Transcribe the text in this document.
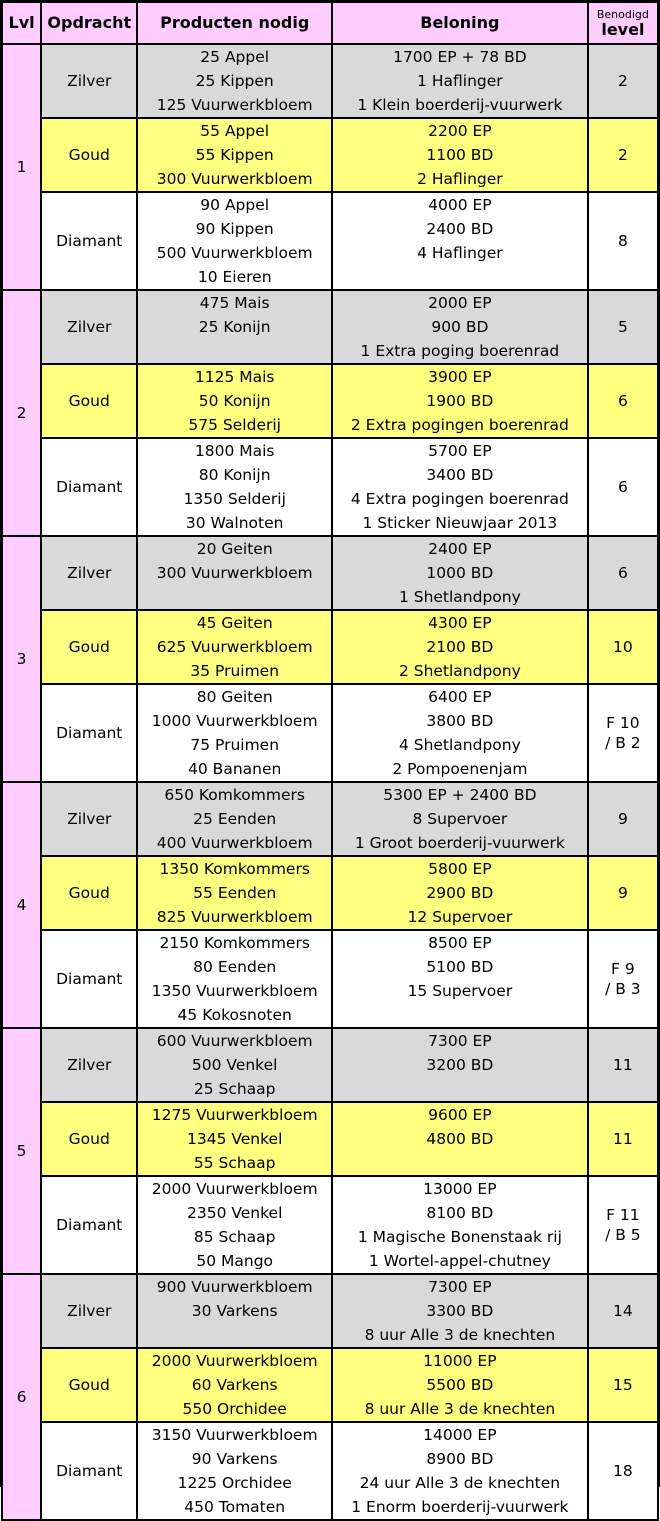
Lvl	Opdracht	Producten nodig	Beloning	Benodigd
level

1	Zilver	25 Appel
25 Kippen
125 Vuurwerkbloem	1700 EP + 78 BD
1 Haflinger
1 Klein boerderij-vuurwerk	2

	Goud	55 Appel
55 Kippen
300 Vuurwerkbloem	2200 EP
1100 BD
2 Haflinger	2

	Diamant	90 Appel
90 Kippen
500 Vuurwerkbloem
10 Eieren	4000 EP
2400 BD
4 Haflinger	8

2	Zilver	475 Mais
25 Konijn	2000 EP
900 BD
1 Extra poging boerenrad	5

	Goud	1125 Mais
50 Konijn
575 Selderij	3900 EP
1900 BD
2 Extra pogingen boerenrad	6

	Diamant	1800 Mais
80 Konijn
1350 Selderij
30 Walnoten	5700 EP
3400 BD
4 Extra pogingen boerenrad
1 Sticker Nieuwjaar 2013	6

3	Zilver	20 Geiten
300 Vuurwerkbloem	2400 EP
1000 BD
1 Shetlandpony	6

	Goud	45 Geiten
625 Vuurwerkbloem
35 Pruimen	4300 EP
2100 BD
2 Shetlandpony	10

	Diamant	80 Geiten
1000 Vuurwerkbloem
75 Pruimen
40 Bananen	6400 EP
3800 BD
4 Shetlandpony
2 Pompoenenjam	F 10
/ B 2

4	Zilver	650 Komkommers
25 Eenden
400 Vuurwerkbloem	5300 EP + 2400 BD
8 Supervoer
1 Groot boerderij-vuurwerk	9

	Goud	1350 Komkommers
55 Eenden
825 Vuurwerkbloem	5800 EP
2900 BD
12 Supervoer	9

	Diamant	2150 Komkommers
80 Eenden
1350 Vuurwerkbloem
45 Kokosnoten	8500 EP
5100 BD
15 Supervoer	F 9
/ B 3

5	Zilver	600 Vuurwerkbloem
500 Venkel
25 Schaap	7300 EP
3200 BD	11

	Goud	1275 Vuurwerkbloem
1345 Venkel
55 Schaap	9600 EP
4800 BD	11

	Diamant	2000 Vuurwerkbloem
2350 Venkel
85 Schaap
50 Mango	13000 EP
8100 BD
1 Magische Bonenstaak rij
1 Wortel-appel-chutney	F 11
/ B 5

6	Zilver	900 Vuurwerkbloem
30 Varkens	7300 EP
3300 BD
8 uur Alle 3 de knechten	14

	Goud	2000 Vuurwerkbloem
60 Varkens
550 Orchidee	11000 EP
5500 BD
8 uur Alle 3 de knechten	15

	Diamant	3150 Vuurwerkbloem
90 Varkens
1225 Orchidee
450 Tomaten	14000 EP
8900 BD
24 uur Alle 3 de knechten
1 Enorm boerderij-vuurwerk	18
